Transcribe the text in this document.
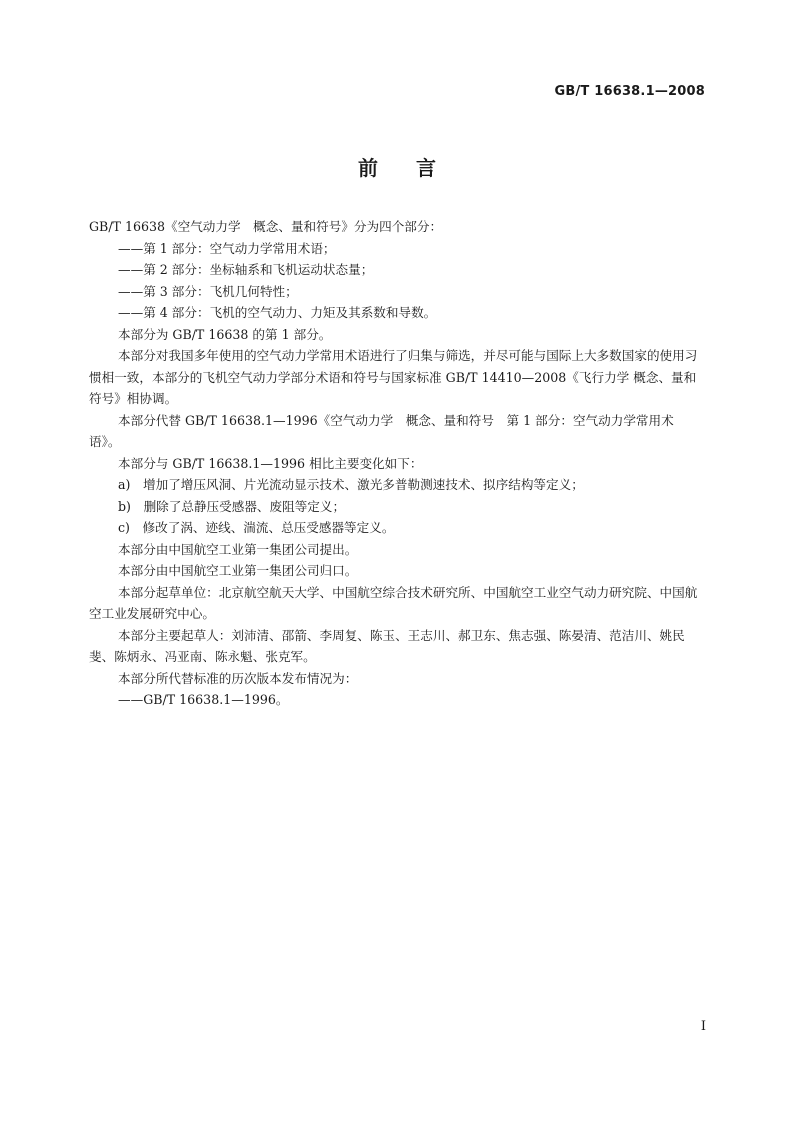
GB/T 16638.1—2008
前言

GB/T 16638《空气动力学　概念、量和符号》分为四个部分：

—— 第 1 部分：空气动力学常用术语；

—— 第 2 部分：坐标轴系和飞机运动状态量；

—— 第 3 部分：飞机几何特性；

—— 第 4 部分：飞机的空气动力、力矩及其系数和导数。

本部分为 GB/T 16638 的第 1 部分。

本部分对我国多年使用的空气动力学常用术语进行了归集与筛选，并尽可能与国际上大多数国家的使用习惯相一致，本部分的飞机空气动力学部分术语和符号与国家标准 GB/T 14410—2008《飞行力学 概念、量和符号》相协调。

本部分代替 GB/T 16638.1—1996《空气动力学　概念、量和符号　第 1 部分：空气动力学常用术语》。

本部分与 GB/T 16638.1—1996 相比主要变化如下：

a)　增加了增压风洞、片光流动显示技术、激光多普勒测速技术、拟序结构等定义；

b)　删除了总静压受感器、废阻等定义；

c)　修改了涡、迹线、湍流、总压受感器等定义。

本部分由中国航空工业第一集团公司提出。

本部分由中国航空工业第一集团公司归口。

本部分起草单位：北京航空航天大学、中国航空综合技术研究所、中国航空工业空气动力研究院、中国航空工业发展研究中心。

本部分主要起草人：刘沛清、邵箭、李周复、陈玉、王志川、郝卫东、焦志强、陈晏清、范洁川、姚民斐、陈炳永、冯亚南、陈永魁、张克军。

本部分所代替标准的历次版本发布情况为：

—— GB/T 16638.1—1996。

I
